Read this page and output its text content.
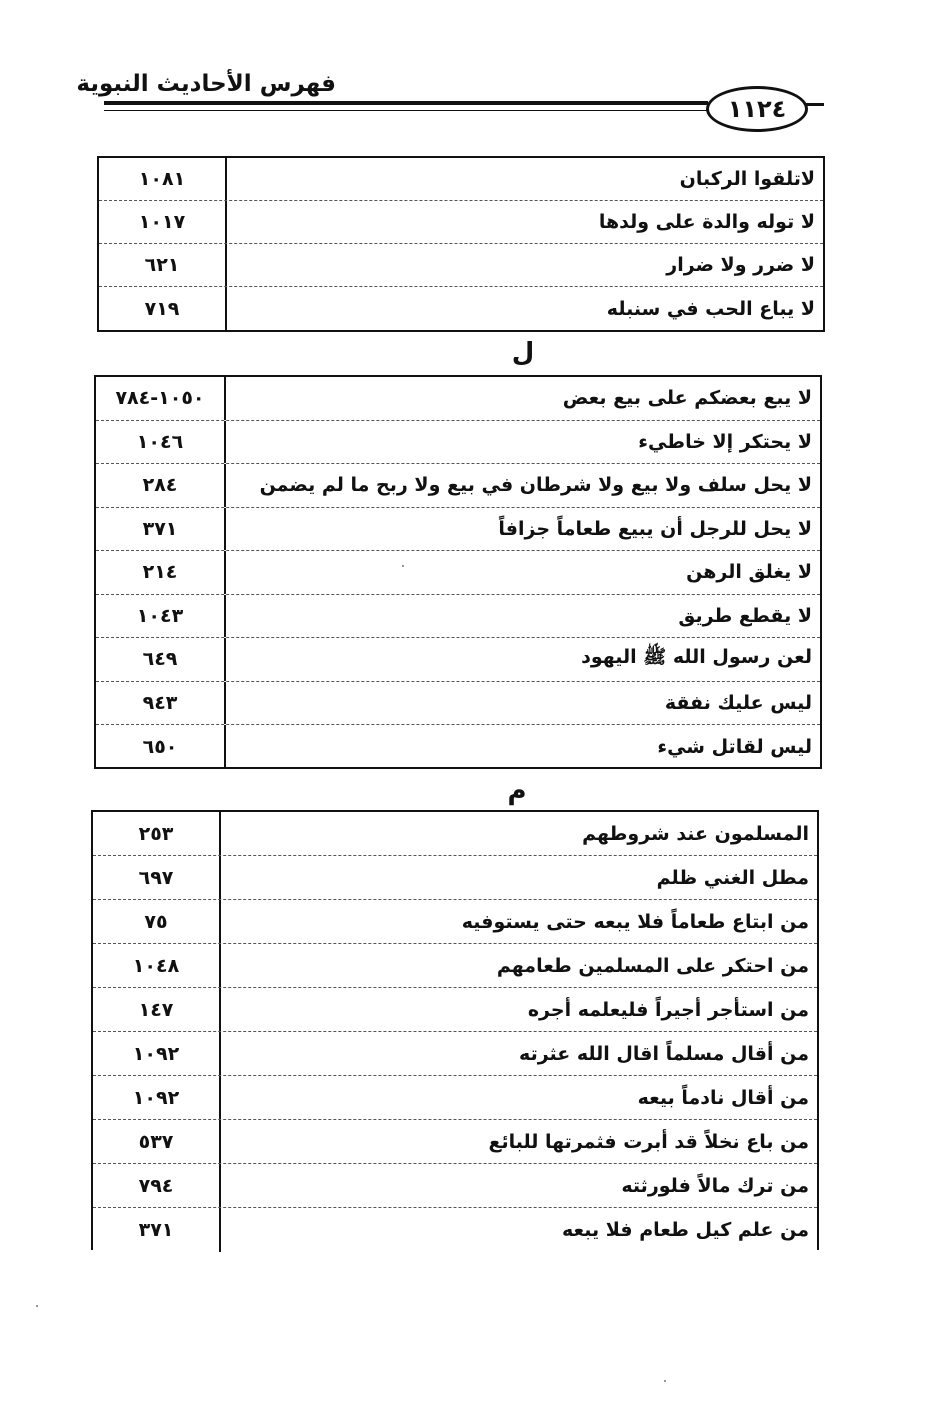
فهرس الأحاديث النبوية
١١٢٤
١٠٨١	لاتلقوا الركبان
١٠١٧	لا توله والدة على ولدها
٦٢١	لا ضرر ولا ضرار
٧١٩	لا يباع الحب في سنبله
ل
١٠٥٠-٧٨٤	لا يبع بعضكم على بيع بعض
١٠٤٦	لا يحتكر إلا خاطيء
٢٨٤	لا يحل سلف ولا بيع ولا شرطان في بيع ولا ربح ما لم يضمن
٣٧١	لا يحل للرجل أن يبيع طعاماً جزافاً
٢١٤	لا يغلق الرهن
١٠٤٣	لا يقطع طريق
٦٤٩	لعن رسول الله ﷺ اليهود
٩٤٣	ليس عليك نفقة
٦٥٠	ليس لقاتل شيء
م
٢٥٣	المسلمون عند شروطهم
٦٩٧	مطل الغني ظلم
٧٥	من ابتاع طعاماً فلا يبعه حتى يستوفيه
١٠٤٨	من احتكر على المسلمين طعامهم
١٤٧	من استأجر أجيراً فليعلمه أجره
١٠٩٢	من أقال مسلماً اقال الله عثرته
١٠٩٢	من أقال نادماً بيعه
٥٣٧	من باع نخلاً قد أبرت فثمرتها للبائع
٧٩٤	من ترك مالاً فلورثته
٣٧١	من علم كيل طعام فلا يبعه
